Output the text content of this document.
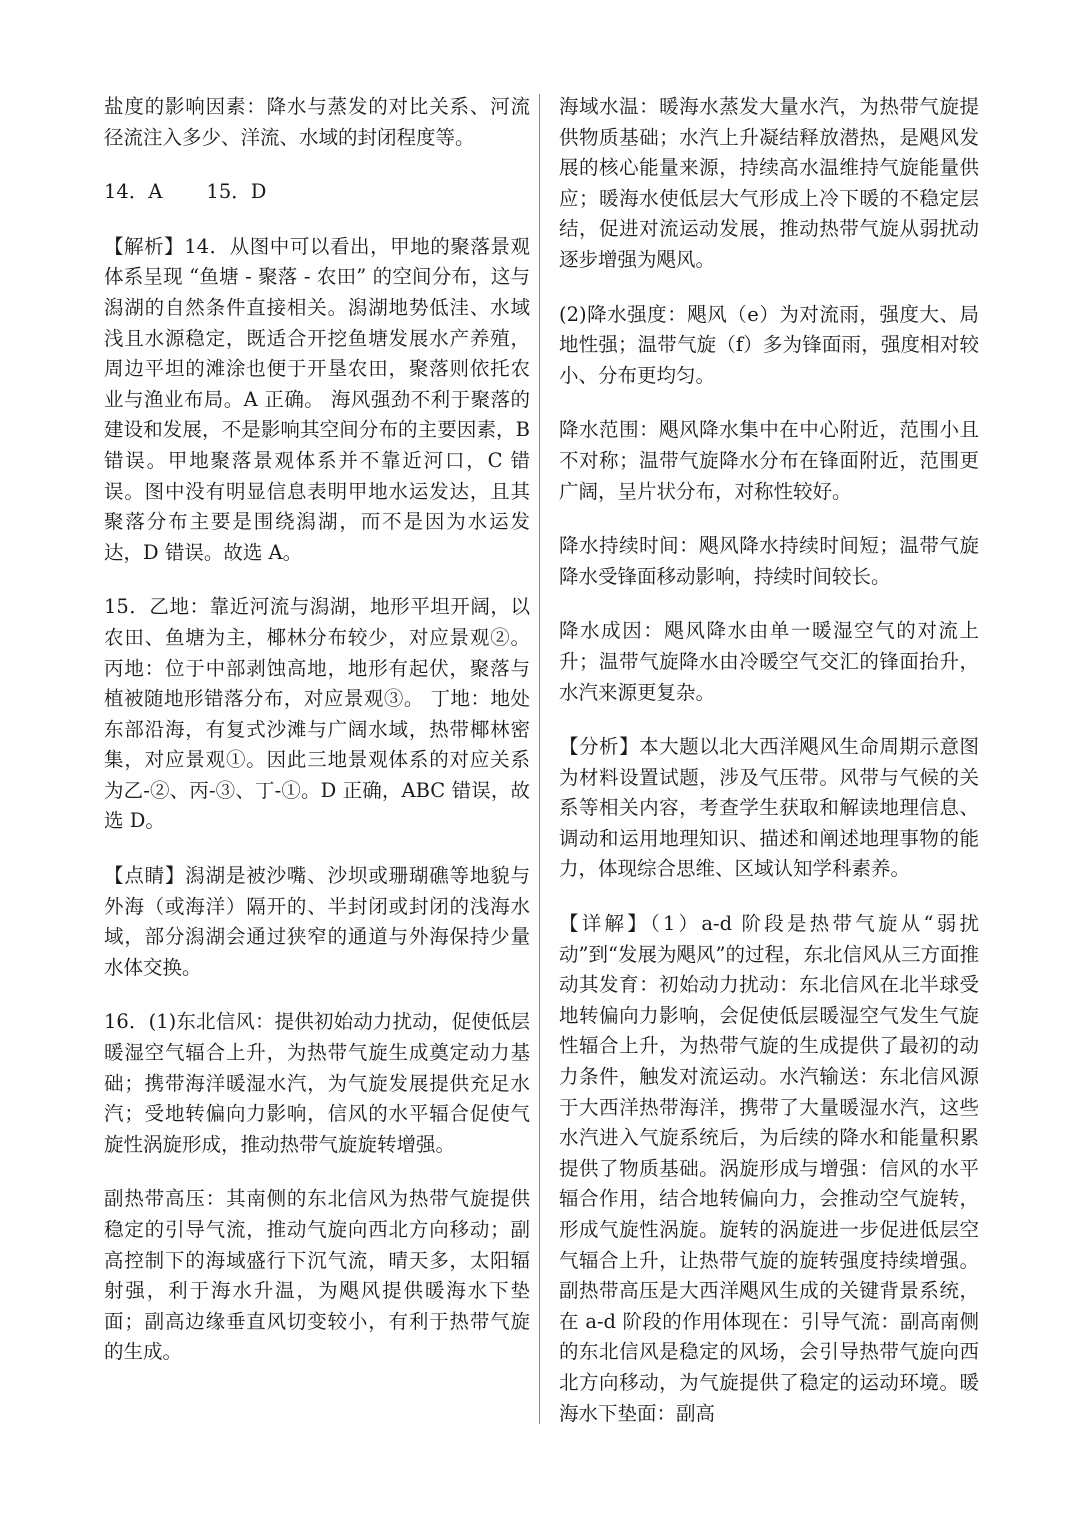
盐度的影响因素：降水与蒸发的对比关系、河流径流注入多少、洋流、水域的封闭程度等。

14．A 15．D

【解析】14．从图中可以看出，甲地的聚落景观体系呈现 “鱼塘 - 聚落 - 农田” 的空间分布，这与潟湖的自然条件直接相关。潟湖地势低洼、水域浅且水源稳定，既适合开挖鱼塘发展水产养殖，周边平坦的滩涂也便于开垦农田，聚落则依托农业与渔业布局。A 正确。 海风强劲不利于聚落的建设和发展，不是影响其空间分布的主要因素，B 错误。甲地聚落景观体系并不靠近河口，C 错误。图中没有明显信息表明甲地水运发达，且其聚落分布主要是围绕潟湖，而不是因为水运发达，D 错误。故选 A。

15．乙地：靠近河流与潟湖，地形平坦开阔，以农田、鱼塘为主，椰林分布较少，对应景观②。丙地：位于中部剥蚀高地，地形有起伏，聚落与植被随地形错落分布，对应景观③。 丁地：地处东部沿海，有复式沙滩与广阔水域，热带椰林密集，对应景观①。因此三地景观体系的对应关系为乙-②、丙-③、丁-①。D 正确，ABC 错误，故选 D。

【点睛】潟湖是被沙嘴、沙坝或珊瑚礁等地貌与外海（或海洋）隔开的、半封闭或封闭的浅海水域，部分潟湖会通过狭窄的通道与外海保持少量水体交换。

16．(1)东北信风：提供初始动力扰动，促使低层暖湿空气辐合上升，为热带气旋生成奠定动力基础；携带海洋暖湿水汽，为气旋发展提供充足水汽；受地转偏向力影响，信风的水平辐合促使气旋性涡旋形成，推动热带气旋旋转增强。

副热带高压：其南侧的东北信风为热带气旋提供稳定的引导气流，推动气旋向西北方向移动；副高控制下的海域盛行下沉气流，晴天多，太阳辐射强，利于海水升温，为飓风提供暖海水下垫面；副高边缘垂直风切变较小，有利于热带气旋的生成。

海域水温：暖海水蒸发大量水汽，为热带气旋提供物质基础；水汽上升凝结释放潜热，是飓风发展的核心能量来源，持续高水温维持气旋能量供应；暖海水使低层大气形成上冷下暖的不稳定层结，促进对流运动发展，推动热带气旋从弱扰动逐步增强为飓风。

(2)降水强度：飓风（e）为对流雨，强度大、局地性强；温带气旋（f）多为锋面雨，强度相对较小、分布更均匀。

降水范围：飓风降水集中在中心附近，范围小且不对称；温带气旋降水分布在锋面附近，范围更广阔，呈片状分布，对称性较好。

降水持续时间：飓风降水持续时间短；温带气旋降水受锋面移动影响，持续时间较长。

降水成因：飓风降水由单一暖湿空气的对流上升；温带气旋降水由冷暖空气交汇的锋面抬升，水汽来源更复杂。

【分析】本大题以北大西洋飓风生命周期示意图为材料设置试题，涉及气压带。风带与气候的关系等相关内容，考查学生获取和解读地理信息、调动和运用地理知识、描述和阐述地理事物的能力，体现综合思维、区域认知学科素养。

【详解】（1）a-d 阶段是热带气旋从“弱扰动”到“发展为飓风”的过程，东北信风从三方面推动其发育：初始动力扰动：东北信风在北半球受地转偏向力影响，会促使低层暖湿空气发生气旋性辐合上升，为热带气旋的生成提供了最初的动力条件，触发对流运动。水汽输送：东北信风源于大西洋热带海洋，携带了大量暖湿水汽，这些水汽进入气旋系统后，为后续的降水和能量积累提供了物质基础。涡旋形成与增强：信风的水平辐合作用，结合地转偏向力，会推动空气旋转，形成气旋性涡旋。旋转的涡旋进一步促进低层空气辐合上升，让热带气旋的旋转强度持续增强。副热带高压是大西洋飓风生成的关键背景系统，在 a-d 阶段的作用体现在：引导气流：副高南侧的东北信风是稳定的风场，会引导热带气旋向西北方向移动，为气旋提供了稳定的运动环境。暖海水下垫面：副高
